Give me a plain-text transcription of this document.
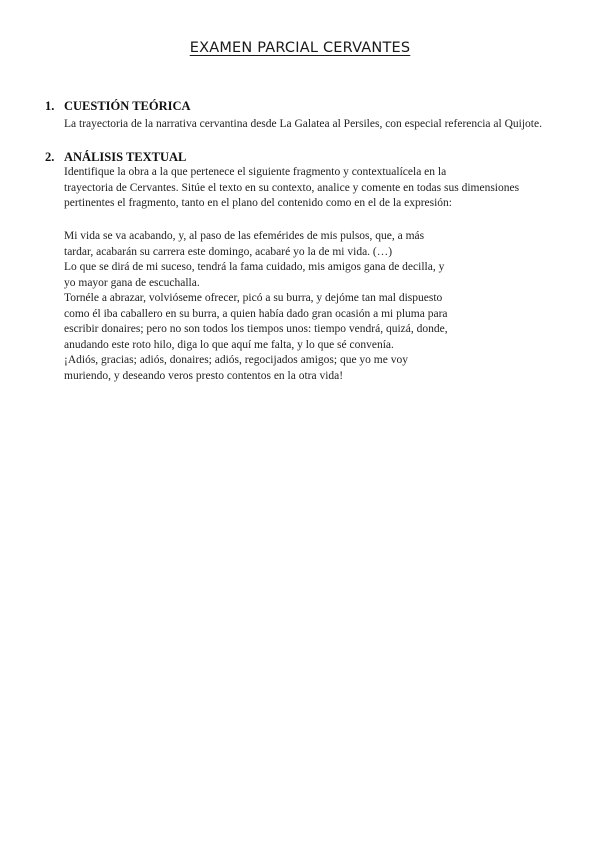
EXAMEN PARCIAL CERVANTES
1. CUESTIÓN TEÓRICA

La trayectoria de la narrativa cervantina desde La Galatea al Persiles, con especial referencia al Quijote.

2. ANÁLISIS TEXTUAL

Identifique la obra a la que pertenece el siguiente fragmento y contextualícela en la
trayectoria de Cervantes. Sitúe el texto en su contexto, analice y comente en todas sus dimensiones
pertinentes el fragmento, tanto en el plano del contenido como en el de la expresión:

Mi vida se va acabando, y, al paso de las efemérides de mis pulsos, que, a más
tardar, acabarán su carrera este domingo, acabaré yo la de mi vida. (…)
Lo que se dirá de mi suceso, tendrá la fama cuidado, mis amigos gana de decilla, y
yo mayor gana de escuchalla.
Tornéle a abrazar, volvióseme ofrecer, picó a su burra, y dejóme tan mal dispuesto
como él iba caballero en su burra, a quien había dado gran ocasión a mi pluma para
escribir donaires; pero no son todos los tiempos unos: tiempo vendrá, quizá, donde,
anudando este roto hilo, diga lo que aquí me falta, y lo que sé convenía.
¡Adiós, gracias; adiós, donaires; adiós, regocijados amigos; que yo me voy
muriendo, y deseando veros presto contentos en la otra vida!
